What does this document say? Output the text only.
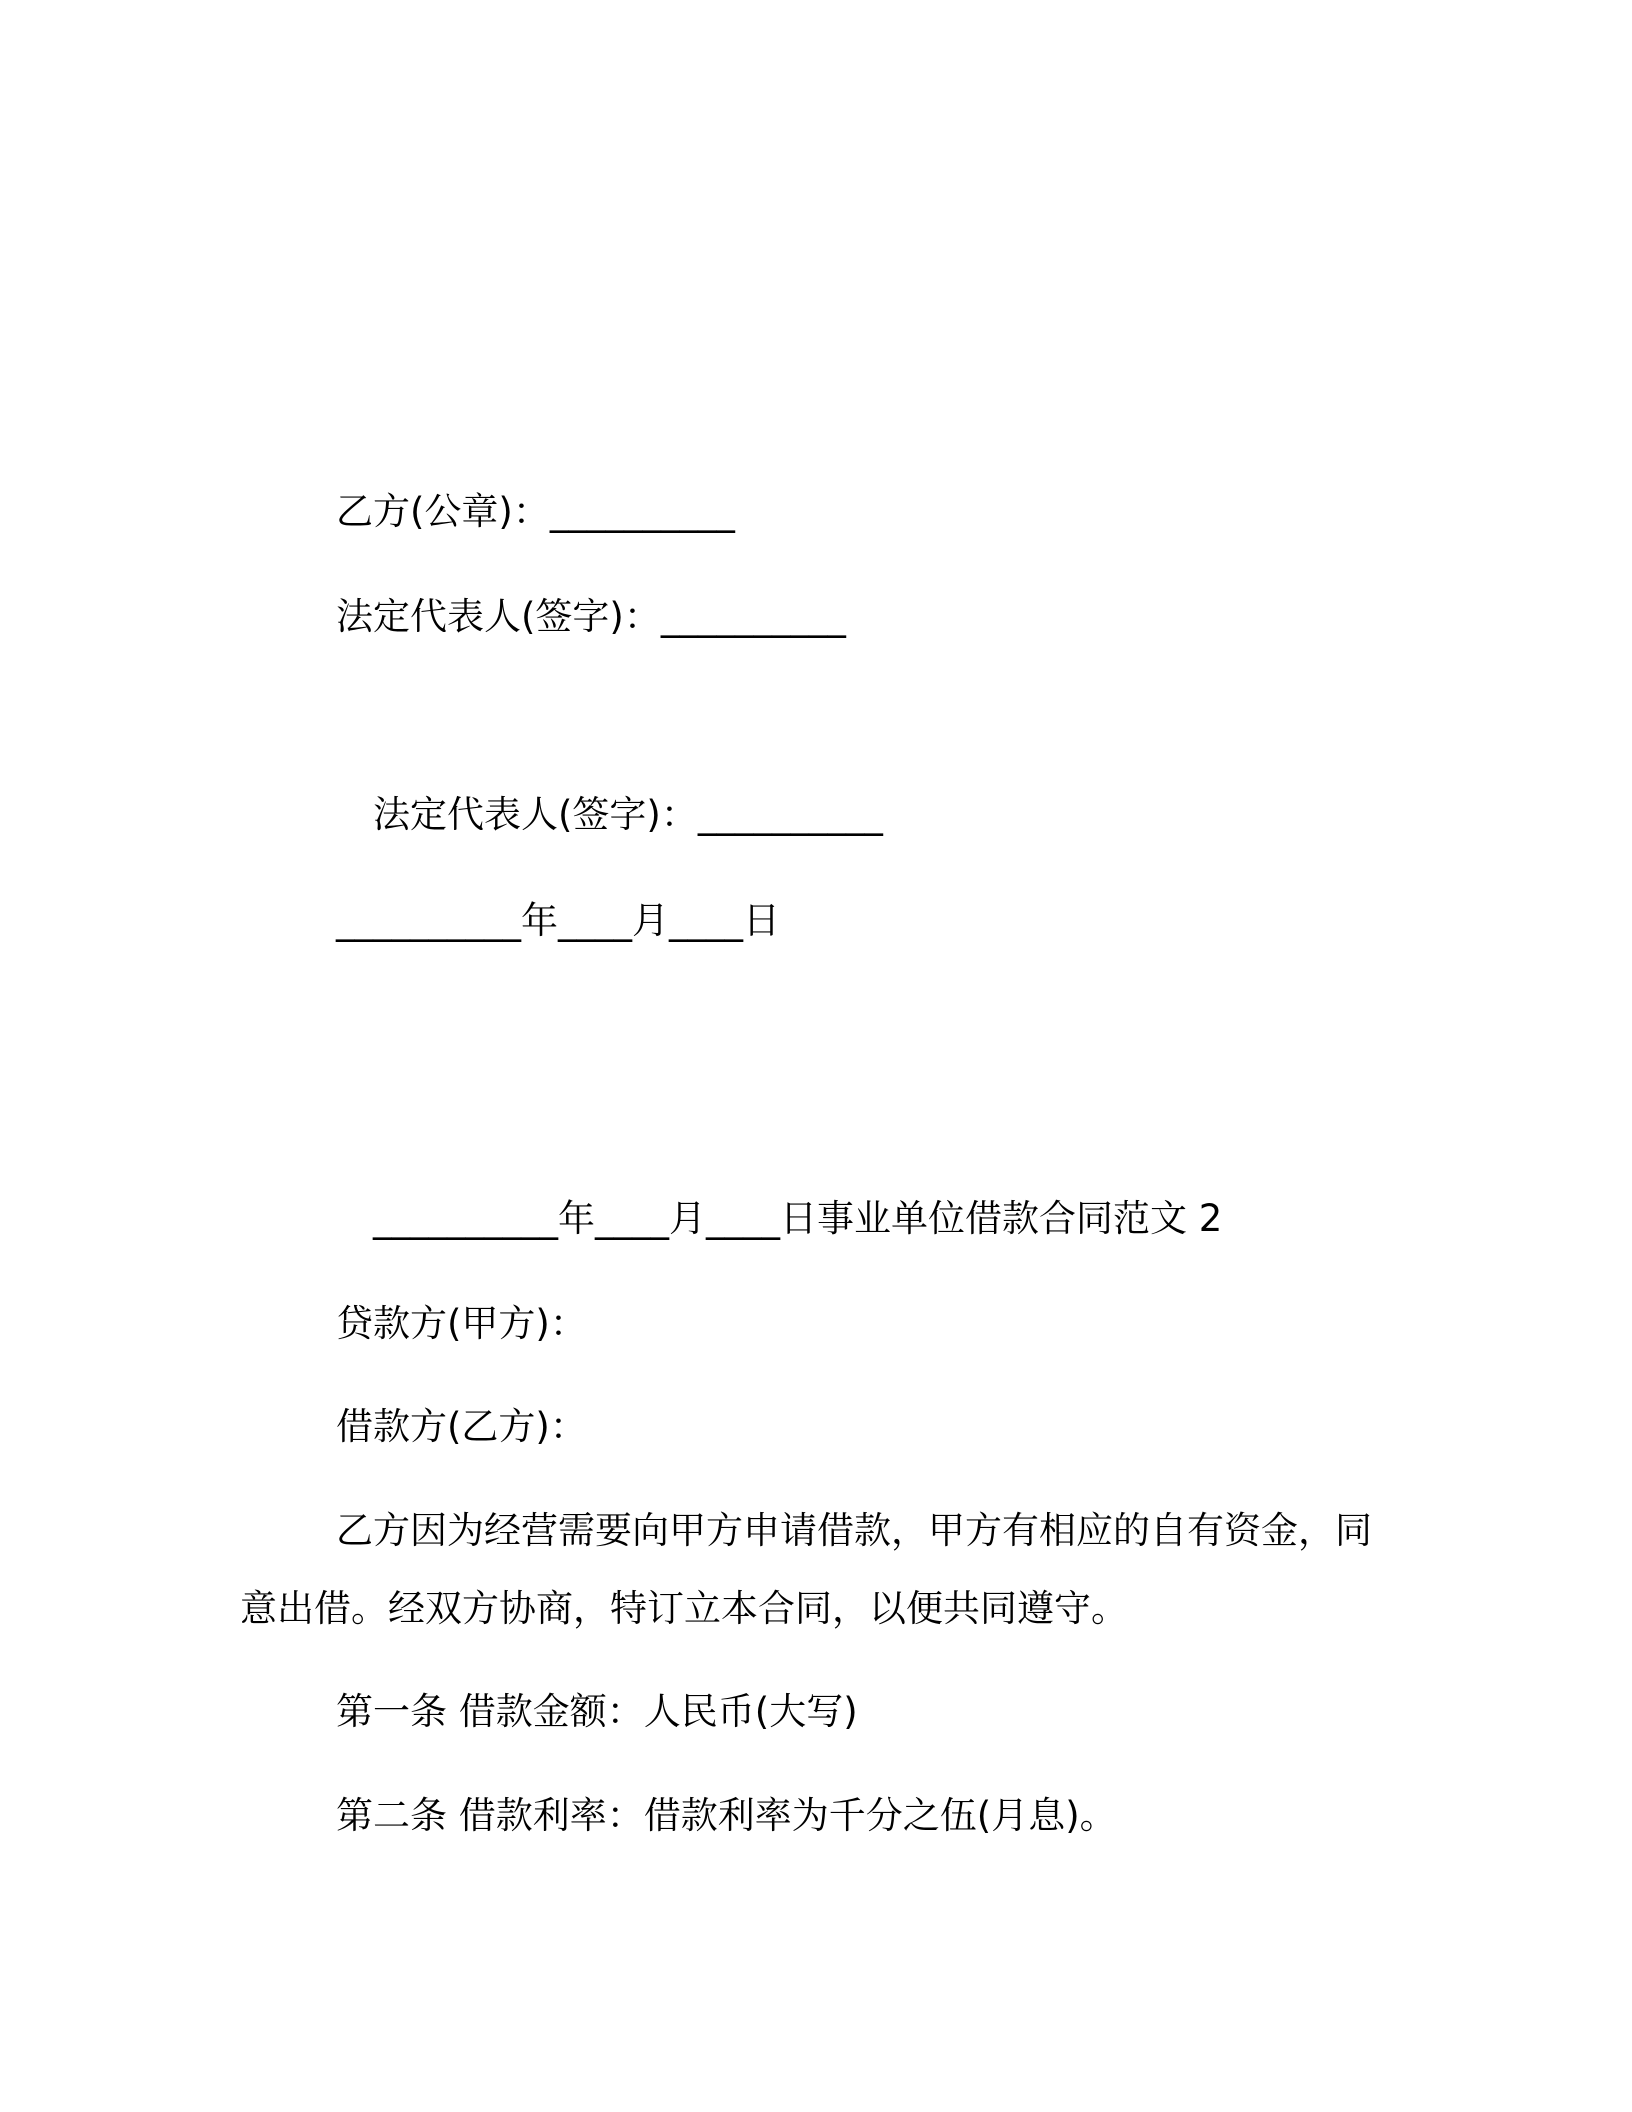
乙方(公章)：__________

法定代表人(签字)：__________

法定代表人(签字)：__________

__________年____月____日

__________年____月____日事业单位借款合同范文 2

贷款方(甲方)：

借款方(乙方)：

乙方因为经营需要向甲方申请借款，甲方有相应的自有资金，同意出借。经双方协商，特订立本合同，以便共同遵守。

第一条 借款金额：人民币(大写)

第二条 借款利率：借款利率为千分之伍(月息)。
